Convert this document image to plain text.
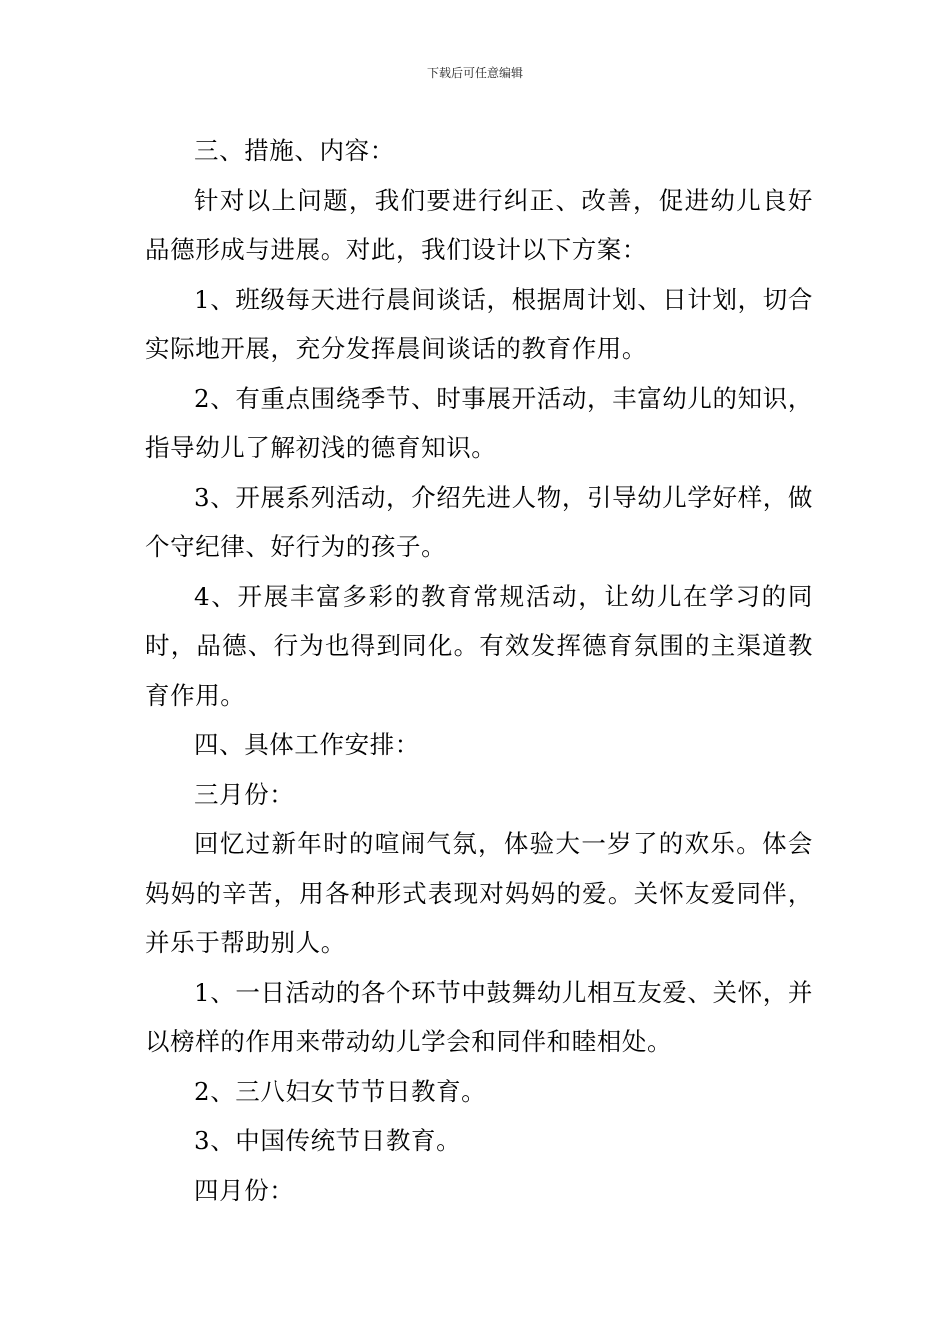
下载后可任意编辑

三、措施、内容：

针对以上问题，我们要进行纠正、改善，促进幼儿良好品德形成与进展。对此，我们设计以下方案：

1、班级每天进行晨间谈话，根据周计划、日计划，切合实际地开展，充分发挥晨间谈话的教育作用。

2、有重点围绕季节、时事展开活动，丰富幼儿的知识，指导幼儿了解初浅的德育知识。

3、开展系列活动，介绍先进人物，引导幼儿学好样，做个守纪律、好行为的孩子。

4、开展丰富多彩的教育常规活动，让幼儿在学习的同时，品德、行为也得到同化。有效发挥德育氛围的主渠道教育作用。

四、具体工作安排：

三月份：

回忆过新年时的喧闹气氛，体验大一岁了的欢乐。体会妈妈的辛苦，用各种形式表现对妈妈的爱。关怀友爱同伴，并乐于帮助别人。

1、一日活动的各个环节中鼓舞幼儿相互友爱、关怀，并以榜样的作用来带动幼儿学会和同伴和睦相处。

2、三八妇女节节日教育。

3、中国传统节日教育。

四月份：
